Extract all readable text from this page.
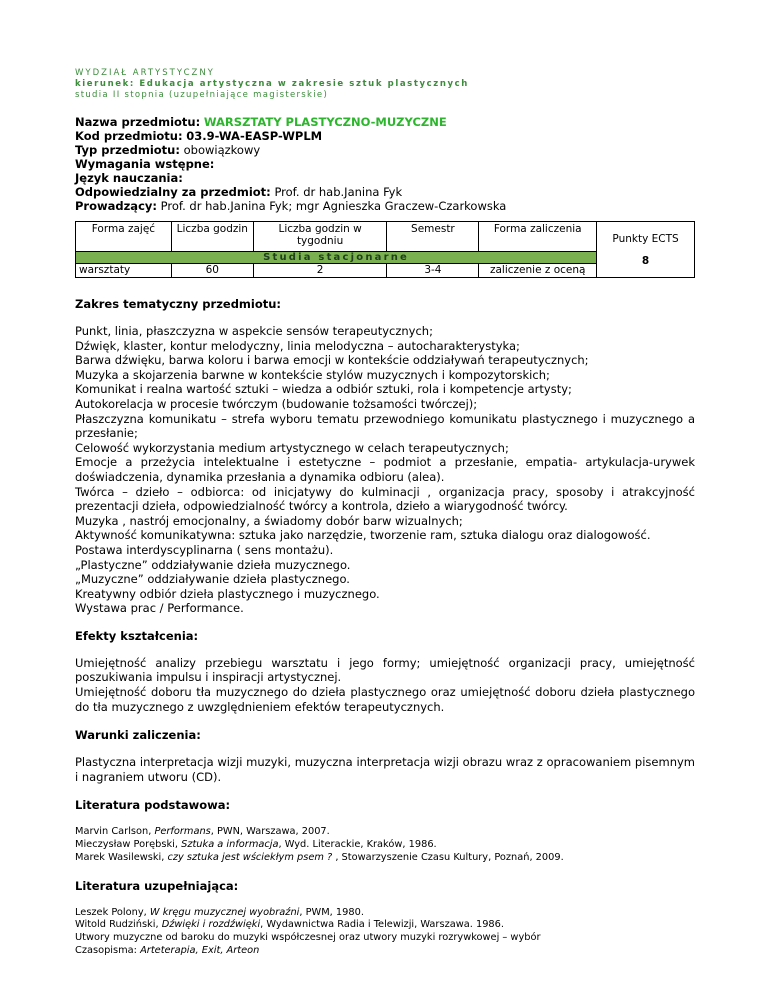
WYDZIAŁ ARTYSTYCZNY
kierunek: Edukacja artystyczna w zakresie sztuk plastycznych
studia II stopnia (uzupełniające magisterskie)
Nazwa przedmiotu: WARSZTATY PLASTYCZNO-MUZYCZNE
Kod przedmiotu: 03.9-WA-EASP-WPLM
Typ przedmiotu: obowiązkowy
Wymagania wstępne:
Język nauczania:
Odpowiedzialny za przedmiot: Prof. dr hab.Janina Fyk
Prowadzący: Prof. dr hab.Janina Fyk; mgr Agnieszka Graczew-Czarkowska
Forma zajęć	Liczba godzin	Liczba godzin w tygodniu	Semestr	Forma zaliczenia	Punkty ECTS
8

Studia stacjonarne					
warsztaty	60	2	3-4	zaliczenie z oceną	
Zakres tematyczny przedmiotu:
Punkt, linia, płaszczyzna w aspekcie sensów terapeutycznych;
Dźwięk, klaster, kontur melodyczny, linia melodyczna – autocharakterystyka;
Barwa dźwięku, barwa koloru i barwa emocji w kontekście oddziaływań terapeutycznych;
Muzyka a skojarzenia barwne w kontekście stylów muzycznych i kompozytorskich;
Komunikat i realna wartość sztuki – wiedza a odbiór sztuki, rola i kompetencje artysty;
Autokorelacja w procesie twórczym (budowanie tożsamości twórczej);
Płaszczyzna komunikatu – strefa wyboru tematu przewodniego komunikatu plastycznego i muzycznego a przesłanie;
Celowość wykorzystania medium artystycznego w celach terapeutycznych;
Emocje a przeżycia intelektualne i estetyczne – podmiot a przesłanie, empatia- artykulacja-urywek doświadczenia, dynamika przesłania a dynamika odbioru (alea).
Twórca – dzieło – odbiorca: od inicjatywy do kulminacji , organizacja pracy, sposoby i atrakcyjność prezentacji dzieła, odpowiedzialność twórcy a kontrola, dzieło a wiarygodność twórcy.
Muzyka , nastrój emocjonalny, a świadomy dobór barw wizualnych;
Aktywność komunikatywna: sztuka jako narzędzie, tworzenie ram, sztuka dialogu oraz dialogowość.
Postawa interdyscyplinarna ( sens montażu).
„Plastyczne” oddziaływanie dzieła muzycznego.
„Muzyczne” oddziaływanie dzieła plastycznego.
Kreatywny odbiór dzieła plastycznego i muzycznego.
Wystawa prac / Performance.
Efekty kształcenia:
Umiejętność analizy przebiegu warsztatu i jego formy; umiejętność organizacji pracy, umiejętność poszukiwania impulsu i inspiracji artystycznej.
Umiejętność doboru tła muzycznego do dzieła plastycznego oraz umiejętność doboru dzieła plastycznego do tła muzycznego z uwzględnieniem efektów terapeutycznych.
Warunki zaliczenia:
Plastyczna interpretacja wizji muzyki, muzyczna interpretacja wizji obrazu wraz z opracowaniem pisemnym i nagraniem utworu (CD).
Literatura podstawowa:
Marvin Carlson, Performans, PWN, Warszawa, 2007.
Mieczysław Porębski, Sztuka a informacja, Wyd. Literackie, Kraków, 1986.
Marek Wasilewski, czy sztuka jest wściekłym psem ? , Stowarzyszenie Czasu Kultury, Poznań, 2009.
Literatura uzupełniająca:
Leszek Polony, W kręgu muzycznej wyobraźni, PWM, 1980.
Witold Rudziński, Dźwięki i rozdźwięki, Wydawnictwa Radia i Telewizji, Warszawa. 1986.
Utwory muzyczne od baroku do muzyki współczesnej oraz utwory muzyki rozrywkowej – wybór
Czasopisma: Arteterapia, Exit, Arteon
